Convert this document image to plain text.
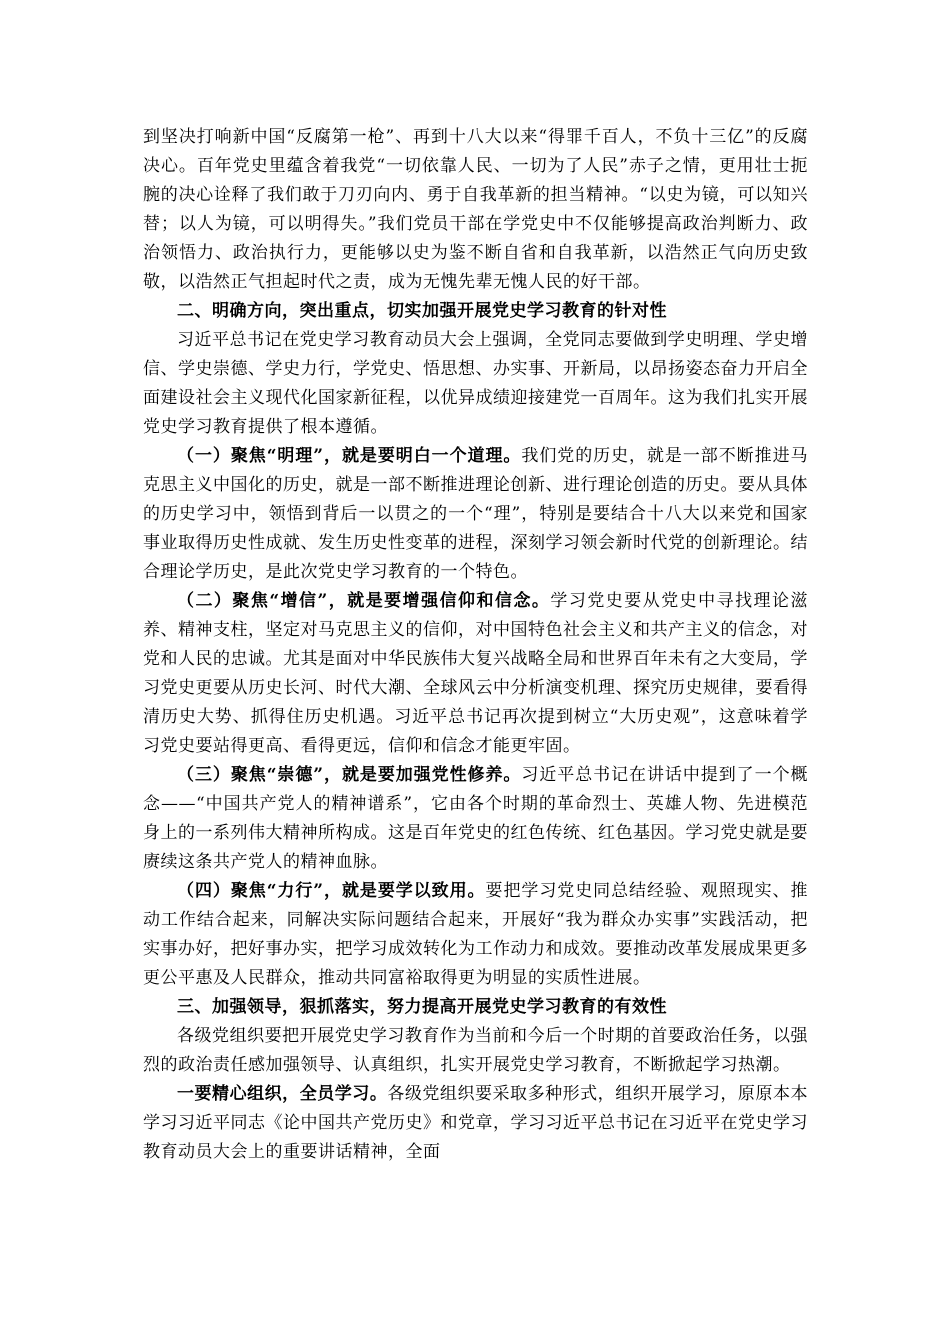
到坚决打响新中国“反腐第一枪”、再到十八大以来“得罪千百人，不负十三亿”的反腐决心。百年党史里蕴含着我党“一切依靠人民、一切为了人民”赤子之情，更用壮士扼腕的决心诠释了我们敢于刀刃向内、勇于自我革新的担当精神。“以史为镜，可以知兴替；以人为镜，可以明得失。”我们党员干部在学党史中不仅能够提高政治判断力、政治领悟力、政治执行力，更能够以史为鉴不断自省和自我革新，以浩然正气向历史致敬，以浩然正气担起时代之责，成为无愧先辈无愧人民的好干部。

二、明确方向，突出重点，切实加强开展党史学习教育的针对性

习近平总书记在党史学习教育动员大会上强调，全党同志要做到学史明理、学史增信、学史崇德、学史力行，学党史、悟思想、办实事、开新局，以昂扬姿态奋力开启全面建设社会主义现代化国家新征程，以优异成绩迎接建党一百周年。这为我们扎实开展党史学习教育提供了根本遵循。

（一）聚焦“明理”，就是要明白一个道理。我们党的历史，就是一部不断推进马克思主义中国化的历史，就是一部不断推进理论创新、进行理论创造的历史。要从具体的历史学习中，领悟到背后一以贯之的一个“理”，特别是要结合十八大以来党和国家事业取得历史性成就、发生历史性变革的进程，深刻学习领会新时代党的创新理论。结合理论学历史，是此次党史学习教育的一个特色。

（二）聚焦“增信”，就是要增强信仰和信念。学习党史要从党史中寻找理论滋养、精神支柱，坚定对马克思主义的信仰，对中国特色社会主义和共产主义的信念，对党和人民的忠诚。尤其是面对中华民族伟大复兴战略全局和世界百年未有之大变局，学习党史更要从历史长河、时代大潮、全球风云中分析演变机理、探究历史规律，要看得清历史大势、抓得住历史机遇。习近平总书记再次提到树立“大历史观”，这意味着学习党史要站得更高、看得更远，信仰和信念才能更牢固。

（三）聚焦“崇德”，就是要加强党性修养。习近平总书记在讲话中提到了一个概念——“中国共产党人的精神谱系”，它由各个时期的革命烈士、英雄人物、先进模范身上的一系列伟大精神所构成。这是百年党史的红色传统、红色基因。学习党史就是要赓续这条共产党人的精神血脉。

（四）聚焦“力行”，就是要学以致用。要把学习党史同总结经验、观照现实、推动工作结合起来，同解决实际问题结合起来，开展好“我为群众办实事”实践活动，把实事办好，把好事办实，把学习成效转化为工作动力和成效。要推动改革发展成果更多更公平惠及人民群众，推动共同富裕取得更为明显的实质性进展。

三、加强领导，狠抓落实，努力提高开展党史学习教育的有效性

各级党组织要把开展党史学习教育作为当前和今后一个时期的首要政治任务，以强烈的政治责任感加强领导、认真组织，扎实开展党史学习教育，不断掀起学习热潮。

一要精心组织，全员学习。各级党组织要采取多种形式，组织开展学习，原原本本学习习近平同志《论中国共产党历史》和党章，学习习近平总书记在习近平在党史学习教育动员大会上的重要讲话精神，全面
